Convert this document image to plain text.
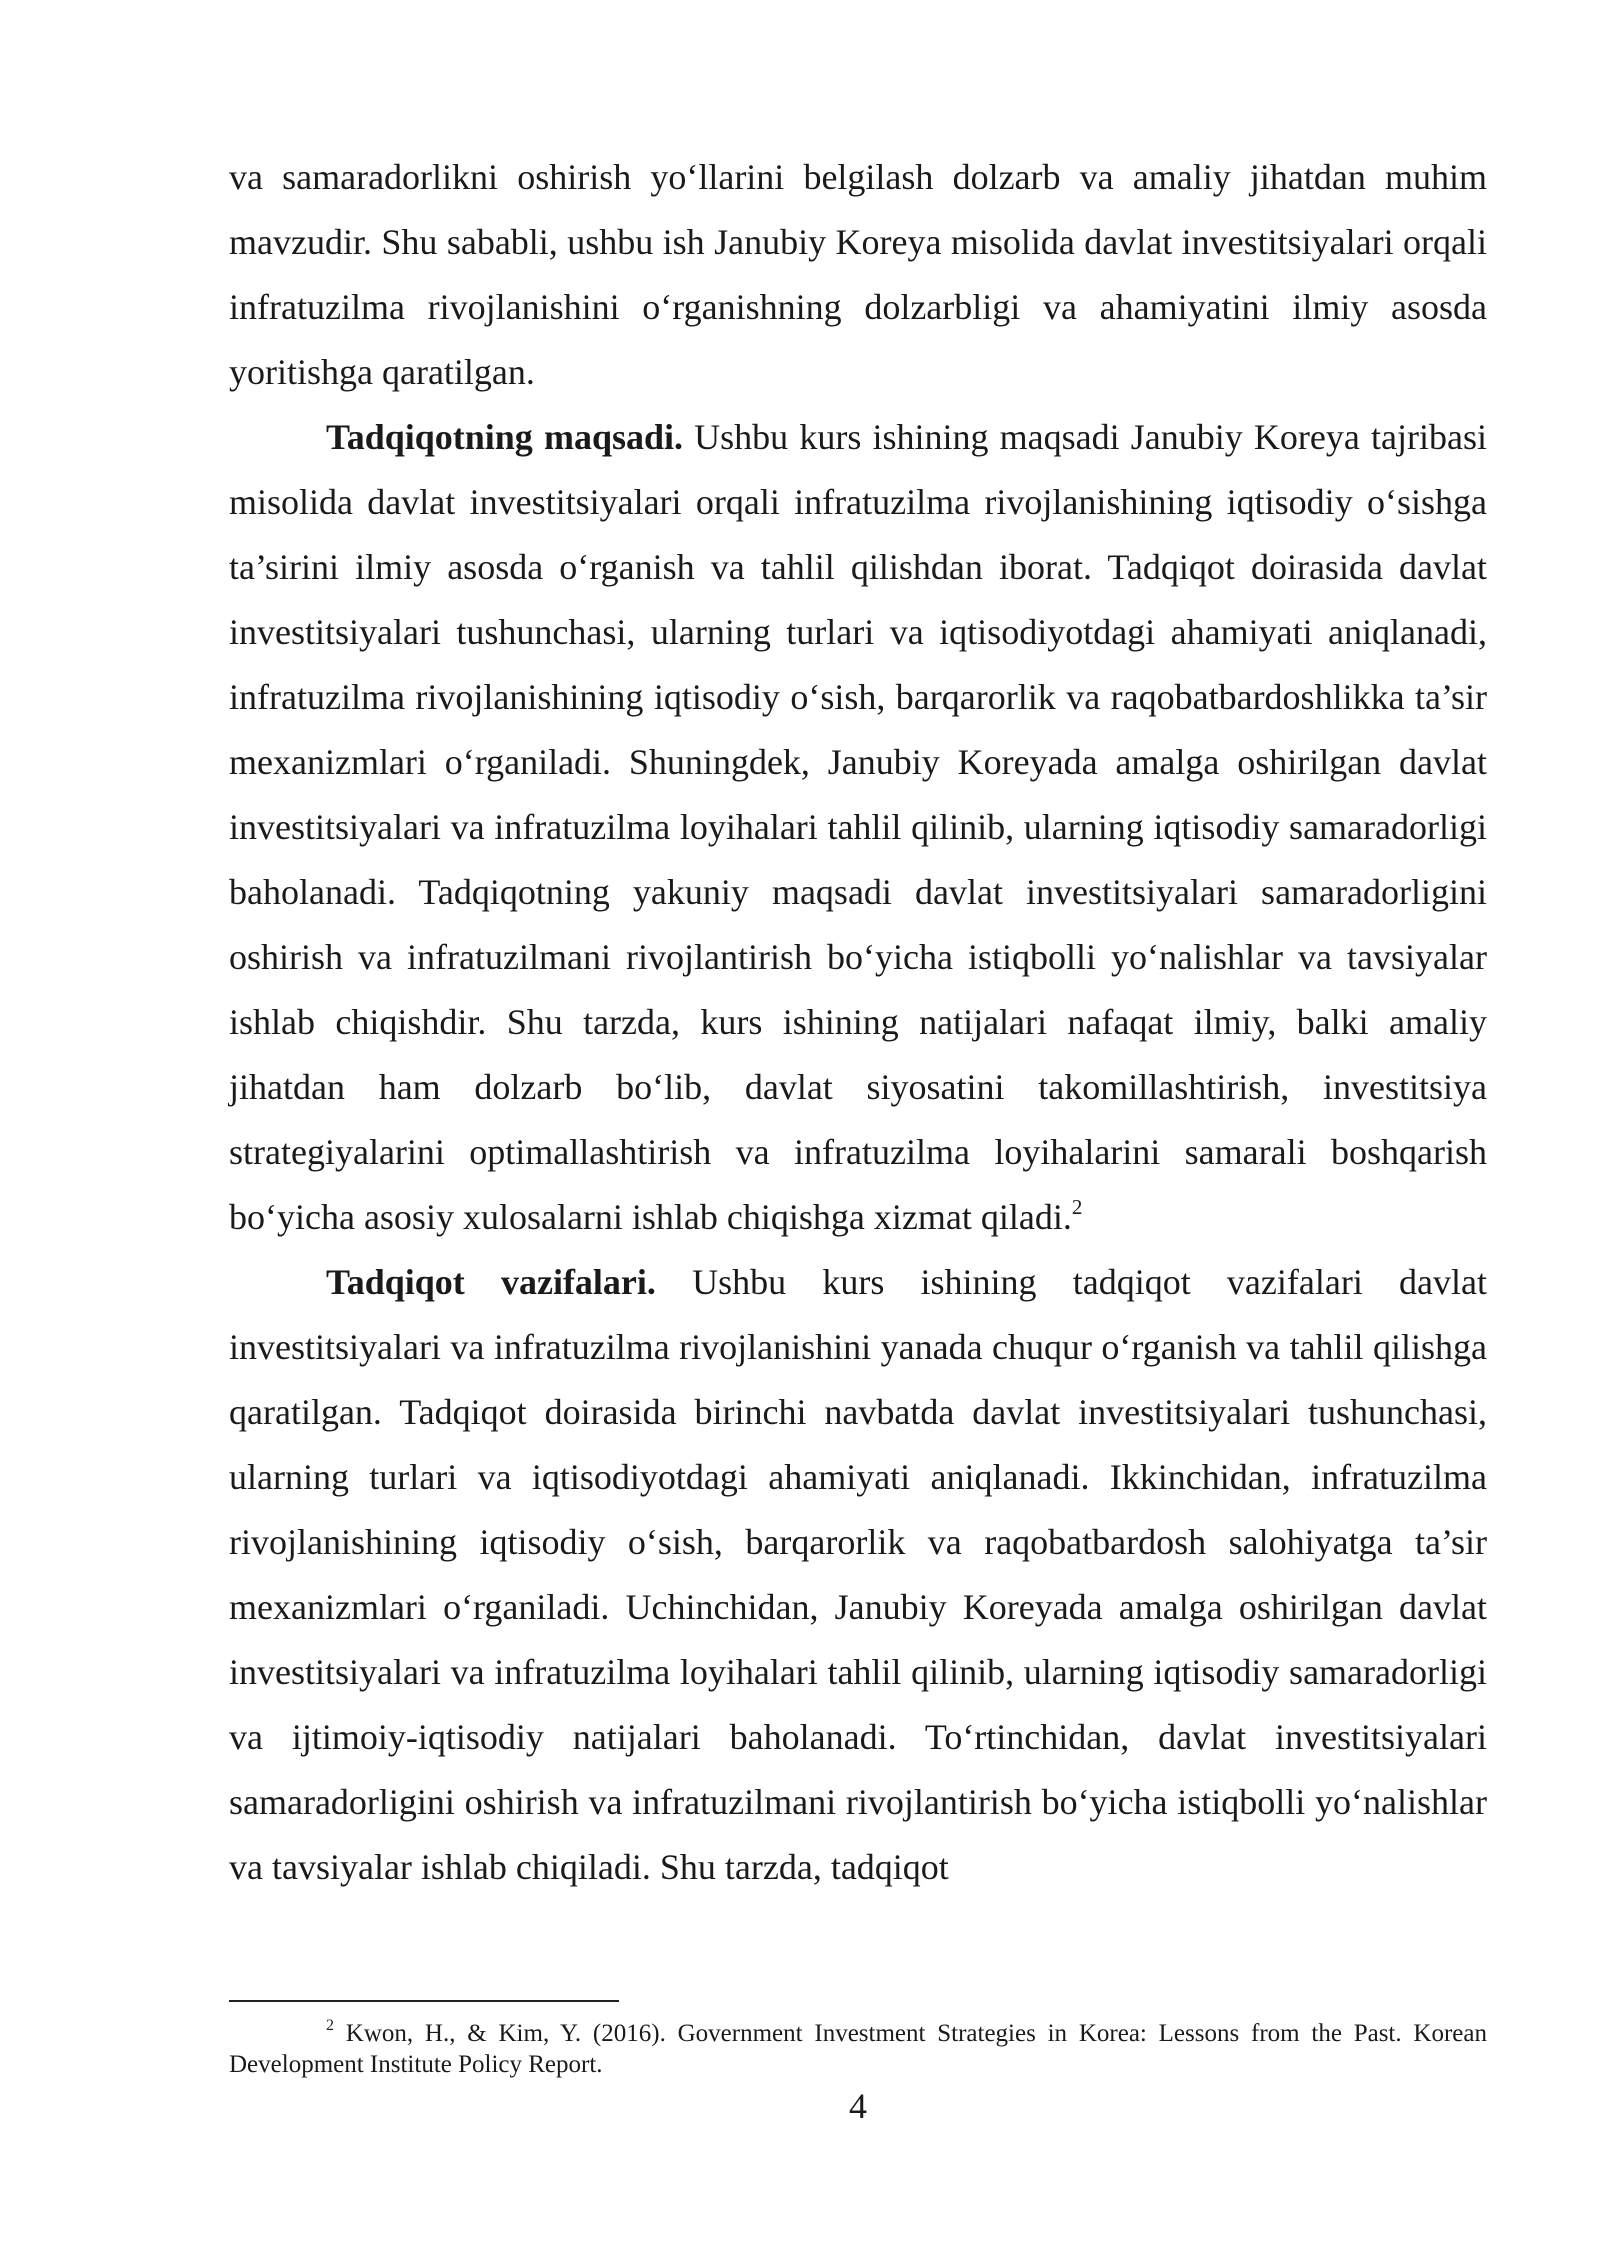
va samaradorlikni oshirish yo‘llarini belgilash dolzarb va amaliy jihatdan muhim mavzudir. Shu sababli, ushbu ish Janubiy Koreya misolida davlat investitsiyalari orqali infratuzilma rivojlanishini o‘rganishning dolzarbligi va ahamiyatini ilmiy asosda yoritishga qaratilgan.

Tadqiqotning maqsadi. Ushbu kurs ishining maqsadi Janubiy Koreya tajribasi misolida davlat investitsiyalari orqali infratuzilma rivojlanishining iqtisodiy o‘sishga ta’sirini ilmiy asosda o‘rganish va tahlil qilishdan iborat. Tadqiqot doirasida davlat investitsiyalari tushunchasi, ularning turlari va iqtisodiyotdagi ahamiyati aniqlanadi, infratuzilma rivojlanishining iqtisodiy o‘sish, barqarorlik va raqobatbardoshlikka ta’sir mexanizmlari o‘rganiladi. Shuningdek, Janubiy Koreyada amalga oshirilgan davlat investitsiyalari va infratuzilma loyihalari tahlil qilinib, ularning iqtisodiy samaradorligi baholanadi. Tadqiqotning yakuniy maqsadi davlat investitsiyalari samaradorligini oshirish va infratuzilmani rivojlantirish bo‘yicha istiqbolli yo‘nalishlar va tavsiyalar ishlab chiqishdir. Shu tarzda, kurs ishining natijalari nafaqat ilmiy, balki amaliy jihatdan ham dolzarb bo‘lib, davlat siyosatini takomillashtirish, investitsiya strategiyalarini optimallashtirish va infratuzilma loyihalarini samarali boshqarish bo‘yicha asosiy xulosalarni ishlab chiqishga xizmat qiladi.$^2$

Tadqiqot vazifalari. Ushbu kurs ishining tadqiqot vazifalari davlat investitsiyalari va infratuzilma rivojlanishini yanada chuqur o‘rganish va tahlil qilishga qaratilgan. Tadqiqot doirasida birinchi navbatda davlat investitsiyalari tushunchasi, ularning turlari va iqtisodiyotdagi ahamiyati aniqlanadi. Ikkinchidan, infratuzilma rivojlanishining iqtisodiy o‘sish, barqarorlik va raqobatbardosh salohiyatga ta’sir mexanizmlari o‘rganiladi. Uchinchidan, Janubiy Koreyada amalga oshirilgan davlat investitsiyalari va infratuzilma loyihalari tahlil qilinib, ularning iqtisodiy samaradorligi va ijtimoiy-iqtisodiy natijalari baholanadi. To‘rtinchidan, davlat investitsiyalari samaradorligini oshirish va infratuzilmani rivojlantirish bo‘yicha istiqbolli yo‘nalishlar va tavsiyalar ishlab chiqiladi. Shu tarzda, tadqiqot

$^2$ Kwon, H., & Kim, Y. (2016). Government Investment Strategies in Korea: Lessons from the Past. Korean Development Institute Policy Report.

4
